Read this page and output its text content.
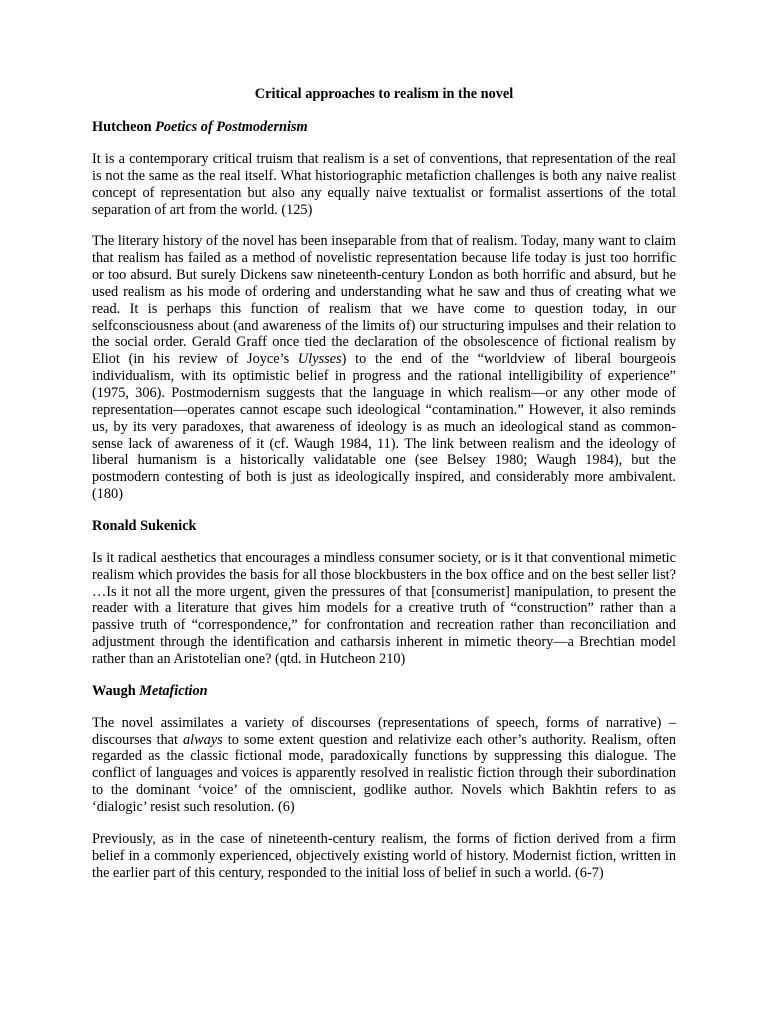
Critical approaches to realism in the novel
Hutcheon Poetics of Postmodernism

It is a contemporary critical truism that realism is a set of conventions, that representation of the real is not the same as the real itself. What historiographic metafiction challenges is both any naive realist concept of representation but also any equally naive textualist or formalist assertions of the total separation of art from the world. (125)

The literary history of the novel has been inseparable from that of realism. Today, many want to claim that realism has failed as a method of novelistic representation because life today is just too horrific or too absurd. But surely Dickens saw nineteenth-century London as both horrific and absurd, but he used realism as his mode of ordering and understanding what he saw and thus of creating what we read. It is perhaps this function of realism that we have come to question today, in our selfconsciousness about (and awareness of the limits of) our structuring impulses and their relation to the social order. Gerald Graff once tied the declaration of the obsolescence of fictional realism by Eliot (in his review of Joyce’s Ulysses) to the end of the “worldview of liberal bourgeois individualism, with its optimistic belief in progress and the rational intelligibility of experience” (1975, 306). Postmodernism suggests that the language in which realism—or any other mode of representation—operates cannot escape such ideological “contamination.” However, it also reminds us, by its very paradoxes, that awareness of ideology is as much an ideological stand as common-sense lack of awareness of it (cf. Waugh 1984, 11). The link between realism and the ideology of liberal humanism is a historically validatable one (see Belsey 1980; Waugh 1984), but the postmodern contesting of both is just as ideologically inspired, and considerably more ambivalent. (180)

Ronald Sukenick

Is it radical aesthetics that encourages a mindless consumer society, or is it that conventional mimetic realism which provides the basis for all those blockbusters in the box office and on the best seller list? …Is it not all the more urgent, given the pressures of that [consumerist] manipulation, to present the reader with a literature that gives him models for a creative truth of “construction” rather than a passive truth of “correspondence,” for confrontation and recreation rather than reconciliation and adjustment through the identification and catharsis inherent in mimetic theory—a Brechtian model rather than an Aristotelian one? (qtd. in Hutcheon 210)

Waugh Metafiction

The novel assimilates a variety of discourses (representations of speech, forms of narrative) – discourses that always to some extent question and relativize each other’s authority. Realism, often regarded as the classic fictional mode, paradoxically functions by suppressing this dialogue. The conflict of languages and voices is apparently resolved in realistic fiction through their subordination to the dominant ‘voice’ of the omniscient, godlike author. Novels which Bakhtin refers to as ‘dialogic’ resist such resolution. (6)

Previously, as in the case of nineteenth-century realism, the forms of fiction derived from a firm belief in a commonly experienced, objectively existing world of history. Modernist fiction, written in the earlier part of this century, responded to the initial loss of belief in such a world. (6-7)
